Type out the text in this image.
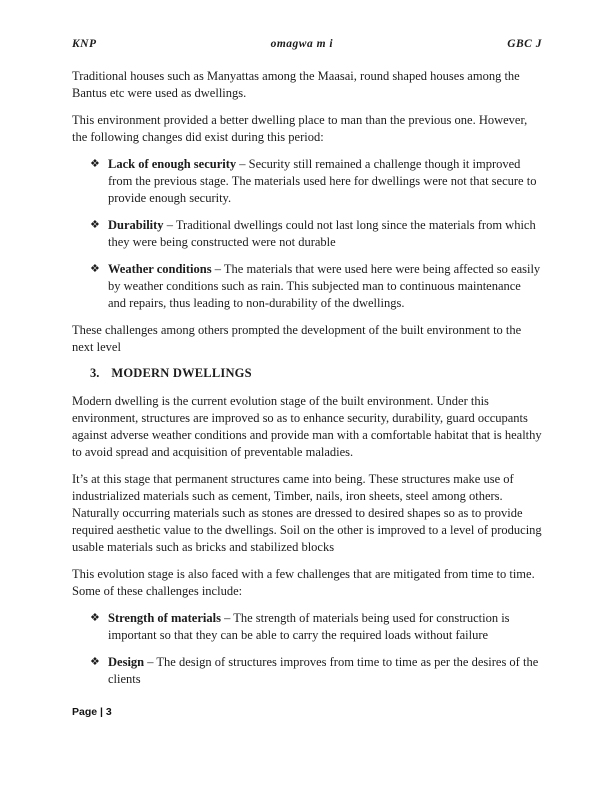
KNP	omagwa m i	GBC J

Traditional houses such as Manyattas among the Maasai, round shaped houses among the Bantus etc were used as dwellings.

This environment provided a better dwelling place to man than the previous one. However, the following changes did exist during this period:

❖ Lack of enough security – Security still remained a challenge though it improved from the previous stage. The materials used here for dwellings were not that secure to provide enough security.
❖ Durability – Traditional dwellings could not last long since the materials from which they were being constructed were not durable
❖ Weather conditions – The materials that were used here were being affected so easily by weather conditions such as rain. This subjected man to continuous maintenance and repairs, thus leading to non-durability of the dwellings.

These challenges among others prompted the development of the built environment to the next level

3. MODERN DWELLINGS

Modern dwelling is the current evolution stage of the built environment. Under this environment, structures are improved so as to enhance security, durability, guard occupants against adverse weather conditions and provide man with a comfortable habitat that is healthy to avoid spread and acquisition of preventable maladies.

It’s at this stage that permanent structures came into being. These structures make use of industrialized materials such as cement, Timber, nails, iron sheets, steel among others. Naturally occurring materials such as stones are dressed to desired shapes so as to provide required aesthetic value to the dwellings. Soil on the other is improved to a level of producing usable materials such as bricks and stabilized blocks

This evolution stage is also faced with a few challenges that are mitigated from time to time. Some of these challenges include:

❖ Strength of materials – The strength of materials being used for construction is important so that they can be able to carry the required loads without failure
❖ Design – The design of structures improves from time to time as per the desires of the clients
Page | 3
